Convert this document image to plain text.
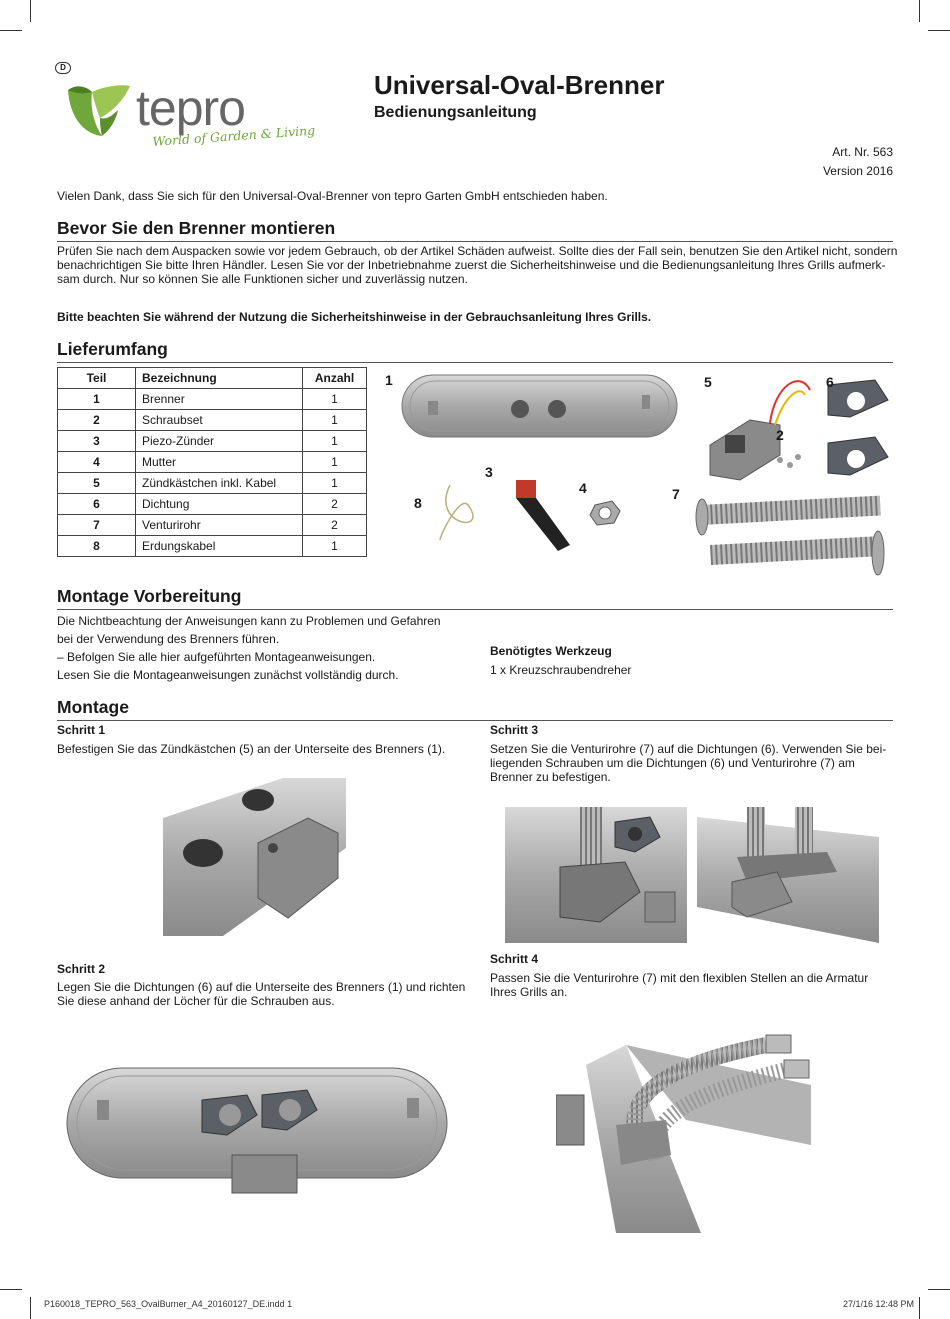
D
tepro
World of Garden & Living
Universal-Oval-Brenner
Bedienungsanleitung
Art. Nr. 563
Version 2016
Vielen Dank, dass Sie sich für den Universal-Oval-Brenner von tepro Garten GmbH entschieden haben.
Bevor Sie den Brenner montieren
Prüfen Sie nach dem Auspacken sowie vor jedem Gebrauch, ob der Artikel Schäden aufweist. Sollte dies der Fall sein, benutzen Sie den Artikel nicht, sondern
benachrichtigen Sie bitte Ihren Händler. Lesen Sie vor der Inbetriebnahme zuerst die Sicherheitshinweise und die Bedienungsanleitung Ihres Grills aufmerk-
sam durch. Nur so können Sie alle Funktionen sicher und zuverlässig nutzen.
Bitte beachten Sie während der Nutzung die Sicherheitshinweise in der Gebrauchsanleitung Ihres Grills.
Lieferumfang
Teil	Bezeichnung	Anzahl
1	Brenner	1
2	Schraubset	1
3	Piezo-Zünder	1
4	Mutter	1
5	Zündkästchen inkl. Kabel	1
6	Dichtung	2
7	Venturirohr	2
8	Erdungskabel	1
1
2
3
4
5	6
7
8
Montage Vorbereitung
Die Nichtbeachtung der Anweisungen kann zu Problemen und Gefahren
bei der Verwendung des Brenners führen.
– Befolgen Sie alle hier aufgeführten Montageanweisungen.
Lesen Sie die Montageanweisungen zunächst vollständig durch.
Benötigtes Werkzeug
1 x Kreuzschraubendreher
Montage
Schritt 1
Befestigen Sie das Zündkästchen (5) an der Unterseite des Brenners (1).
Schritt 2
Legen Sie die Dichtungen (6) auf die Unterseite des Brenners (1) und richten
Sie diese anhand der Löcher für die Schrauben aus.
Schritt 3
Setzen Sie die Venturirohre (7) auf die Dichtungen (6). Verwenden Sie bei-
liegenden Schrauben um die Dichtungen (6) und Venturirohre (7) am
Brenner zu befestigen.
Schritt 4
Passen Sie die Venturirohre (7) mit den flexiblen Stellen an die Armatur
Ihres Grills an.
P160018_TEPRO_563_OvalBurner_A4_20160127_DE.indd 1	27/1/16 12:48 PM
